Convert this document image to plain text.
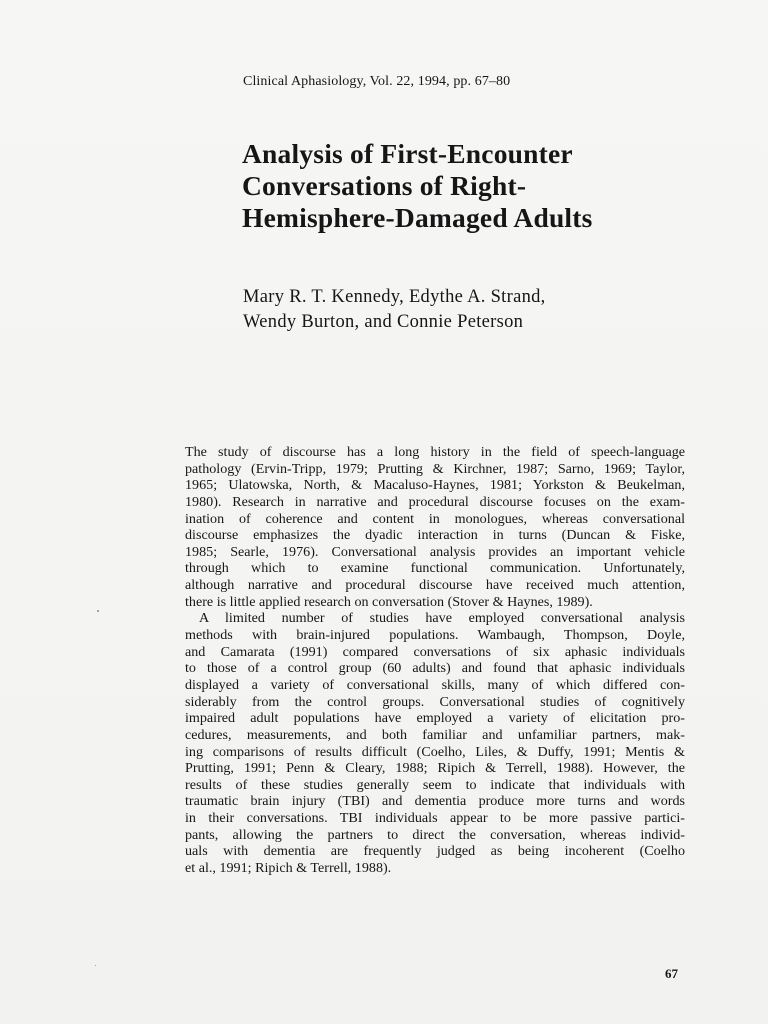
Clinical Aphasiology, Vol. 22, 1994, pp. 67–80
Analysis of First-Encounter
Conversations of Right-
Hemisphere-Damaged Adults
Mary R. T. Kennedy, Edythe A. Strand,
Wendy Burton, and Connie Peterson
The study of discourse has a long history in the field of speech-language
pathology (Ervin-Tripp, 1979; Prutting & Kirchner, 1987; Sarno, 1969; Taylor,
1965; Ulatowska, North, & Macaluso-Haynes, 1981; Yorkston & Beukelman,
1980). Research in narrative and procedural discourse focuses on the exam-
ination of coherence and content in monologues, whereas conversational
discourse emphasizes the dyadic interaction in turns (Duncan & Fiske,
1985; Searle, 1976). Conversational analysis provides an important vehicle
through which to examine functional communication. Unfortunately,
although narrative and procedural discourse have received much attention,
there is little applied research on conversation (Stover & Haynes, 1989).
A limited number of studies have employed conversational analysis
methods with brain-injured populations. Wambaugh, Thompson, Doyle,
and Camarata (1991) compared conversations of six aphasic individuals
to those of a control group (60 adults) and found that aphasic individuals
displayed a variety of conversational skills, many of which differed con-
siderably from the control groups. Conversational studies of cognitively
impaired adult populations have employed a variety of elicitation pro-
cedures, measurements, and both familiar and unfamiliar partners, mak-
ing comparisons of results difficult (Coelho, Liles, & Duffy, 1991; Mentis &
Prutting, 1991; Penn & Cleary, 1988; Ripich & Terrell, 1988). However, the
results of these studies generally seem to indicate that individuals with
traumatic brain injury (TBI) and dementia produce more turns and words
in their conversations. TBI individuals appear to be more passive partici-
pants, allowing the partners to direct the conversation, whereas individ-
uals with dementia are frequently judged as being incoherent (Coelho
et al., 1991; Ripich & Terrell, 1988).
67
